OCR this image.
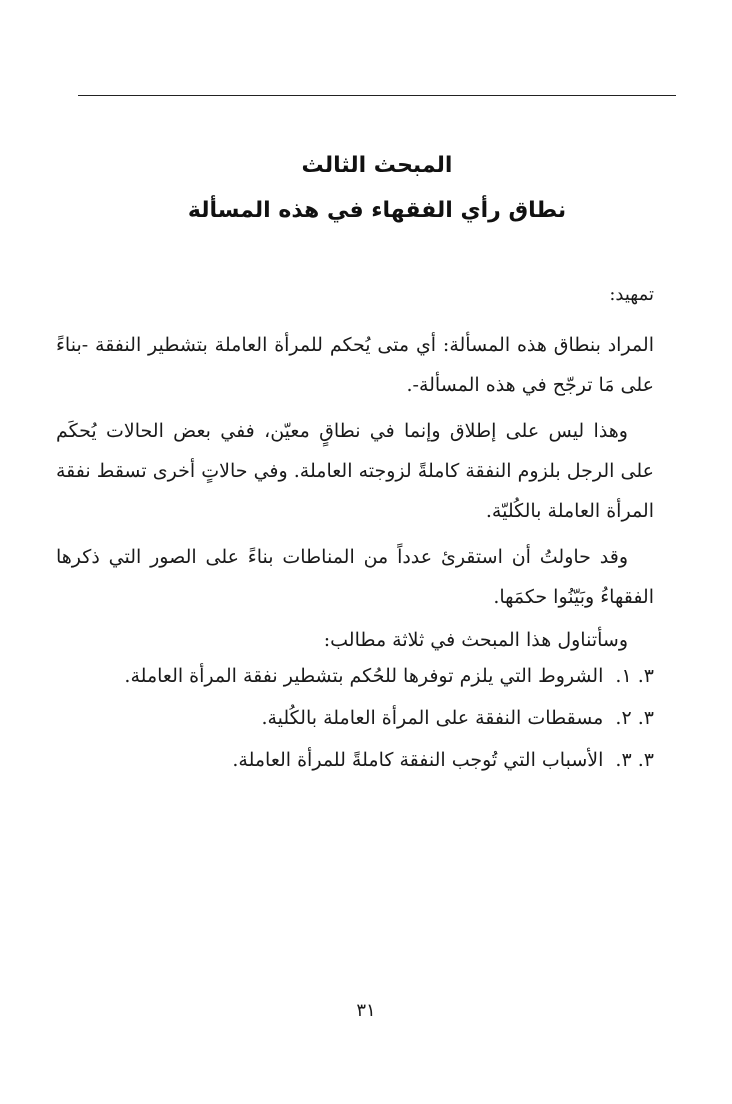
المبحث الثالث
نطاق رأي الفقهاء في هذه المسألة

تمهيد:

المراد بنطاق هذه المسألة: أي متى يُحكم للمرأة العاملة بتشطير النفقة -بناءً على مَا ترجّح في هذه المسألة-.

وهذا ليس على إطلاق وإنما في نطاقٍ معيّن، ففي بعض الحالات يُحكَم على الرجل بلزوم النفقة كاملةً لزوجته العاملة. وفي حالاتٍ أخرى تسقط نفقة المرأة العاملة بالكُليّة.

وقد حاولتُ أن استقرئ عدداً من المناطات بناءً على الصور التي ذكرها الفقهاءُ وبَيّنُوا حكمَها.

وسأتناول هذا المبحث في ثلاثة مطالب:

٣. ١. الشروط التي يلزم توفرها للحُكم بتشطير نفقة المرأة العاملة.
٣. ٢. مسقطات النفقة على المرأة العاملة بالكُلية.
٣. ٣. الأسباب التي تُوجب النفقة كاملةً للمرأة العاملة.

٣١
